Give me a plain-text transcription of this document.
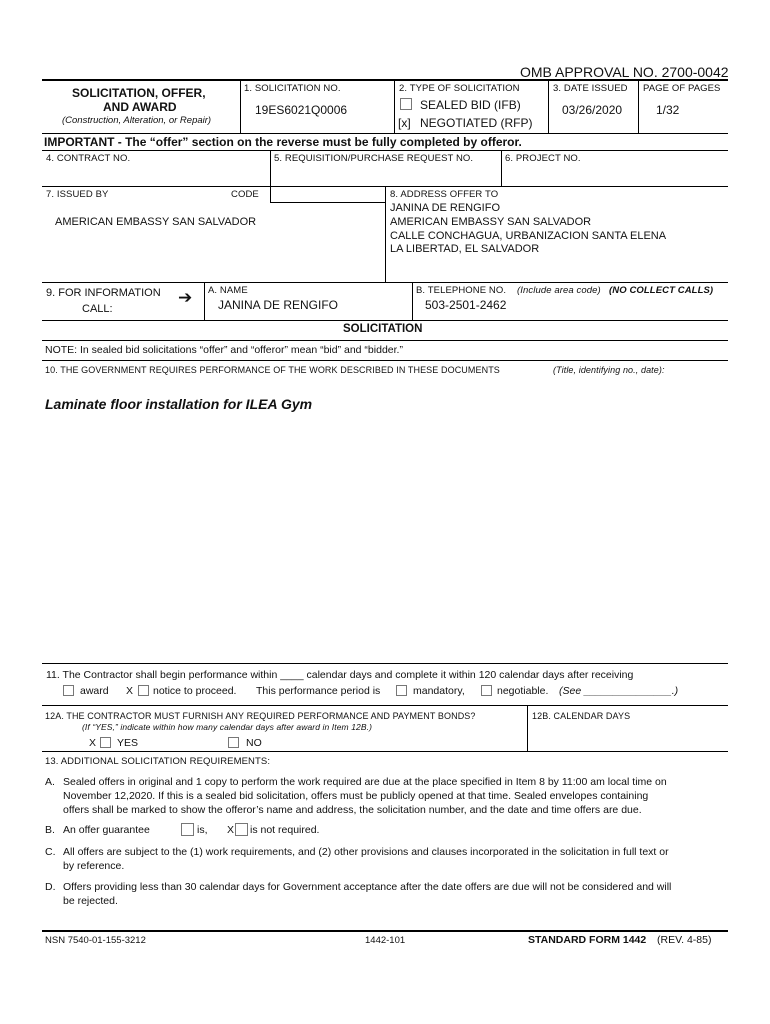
OMB APPROVAL NO. 2700-0042
SOLICITATION, OFFER,
AND AWARD
(Construction, Alteration, or Repair)
1. SOLICITATION NO.
19ES6021Q0006
2. TYPE OF SOLICITATION
SEALED BID (IFB)
[x] NEGOTIATED (RFP)
3. DATE ISSUED
03/26/2020
PAGE OF PAGES
1/32
IMPORTANT - The “offer” section on the reverse must be fully completed by offeror.
4. CONTRACT NO.	5. REQUISITION/PURCHASE REQUEST NO.	6. PROJECT NO.
7. ISSUED BY	CODE
AMERICAN EMBASSY SAN SALVADOR
8. ADDRESS OFFER TO
JANINA DE RENGIFO
AMERICAN EMBASSY SAN SALVADOR
CALLE CONCHAGUA, URBANIZACION SANTA ELENA
LA LIBERTAD, EL SALVADOR
9. FOR INFORMATION
CALL:
➔ A. NAME
JANINA DE RENGIFO
B. TELEPHONE NO. (Include area code) (NO COLLECT CALLS)
503-2501-2462
SOLICITATION
NOTE: In sealed bid solicitations “offer” and “offeror” mean “bid” and “bidder.”
10. THE GOVERNMENT REQUIRES PERFORMANCE OF THE WORK DESCRIBED IN THESE DOCUMENTS	(Title, identifying no., date):
Laminate floor installation for ILEA Gym
11. The Contractor shall begin performance within ____ calendar days and complete it within 120 calendar days after receiving
award X notice to proceed. This performance period is	mandatory,	negotiable. (See _______________.)
12A. THE CONTRACTOR MUST FURNISH ANY REQUIRED PERFORMANCE AND PAYMENT BONDS?
(If “YES,” indicate within how many calendar days after award in Item 12B.)
X YES	NO
12B. CALENDAR DAYS
13. ADDITIONAL SOLICITATION REQUIREMENTS:
A. Sealed offers in original and 1 copy to perform the work required are due at the place specified in Item 8 by 11:00 am local time on
November 12,2020. If this is a sealed bid solicitation, offers must be publicly opened at that time. Sealed envelopes containing
offers shall be marked to show the offeror’s name and address, the solicitation number, and the date and time offers are due.
B. An offer guarantee	is, X is not required.
C. All offers are subject to the (1) work requirements, and (2) other provisions and clauses incorporated in the solicitation in full text or
by reference.
D. Offers providing less than 30 calendar days for Government acceptance after the date offers are due will not be considered and will
be rejected.
NSN 7540-01-155-3212	1442-101	STANDARD FORM 1442 (REV. 4-85)
